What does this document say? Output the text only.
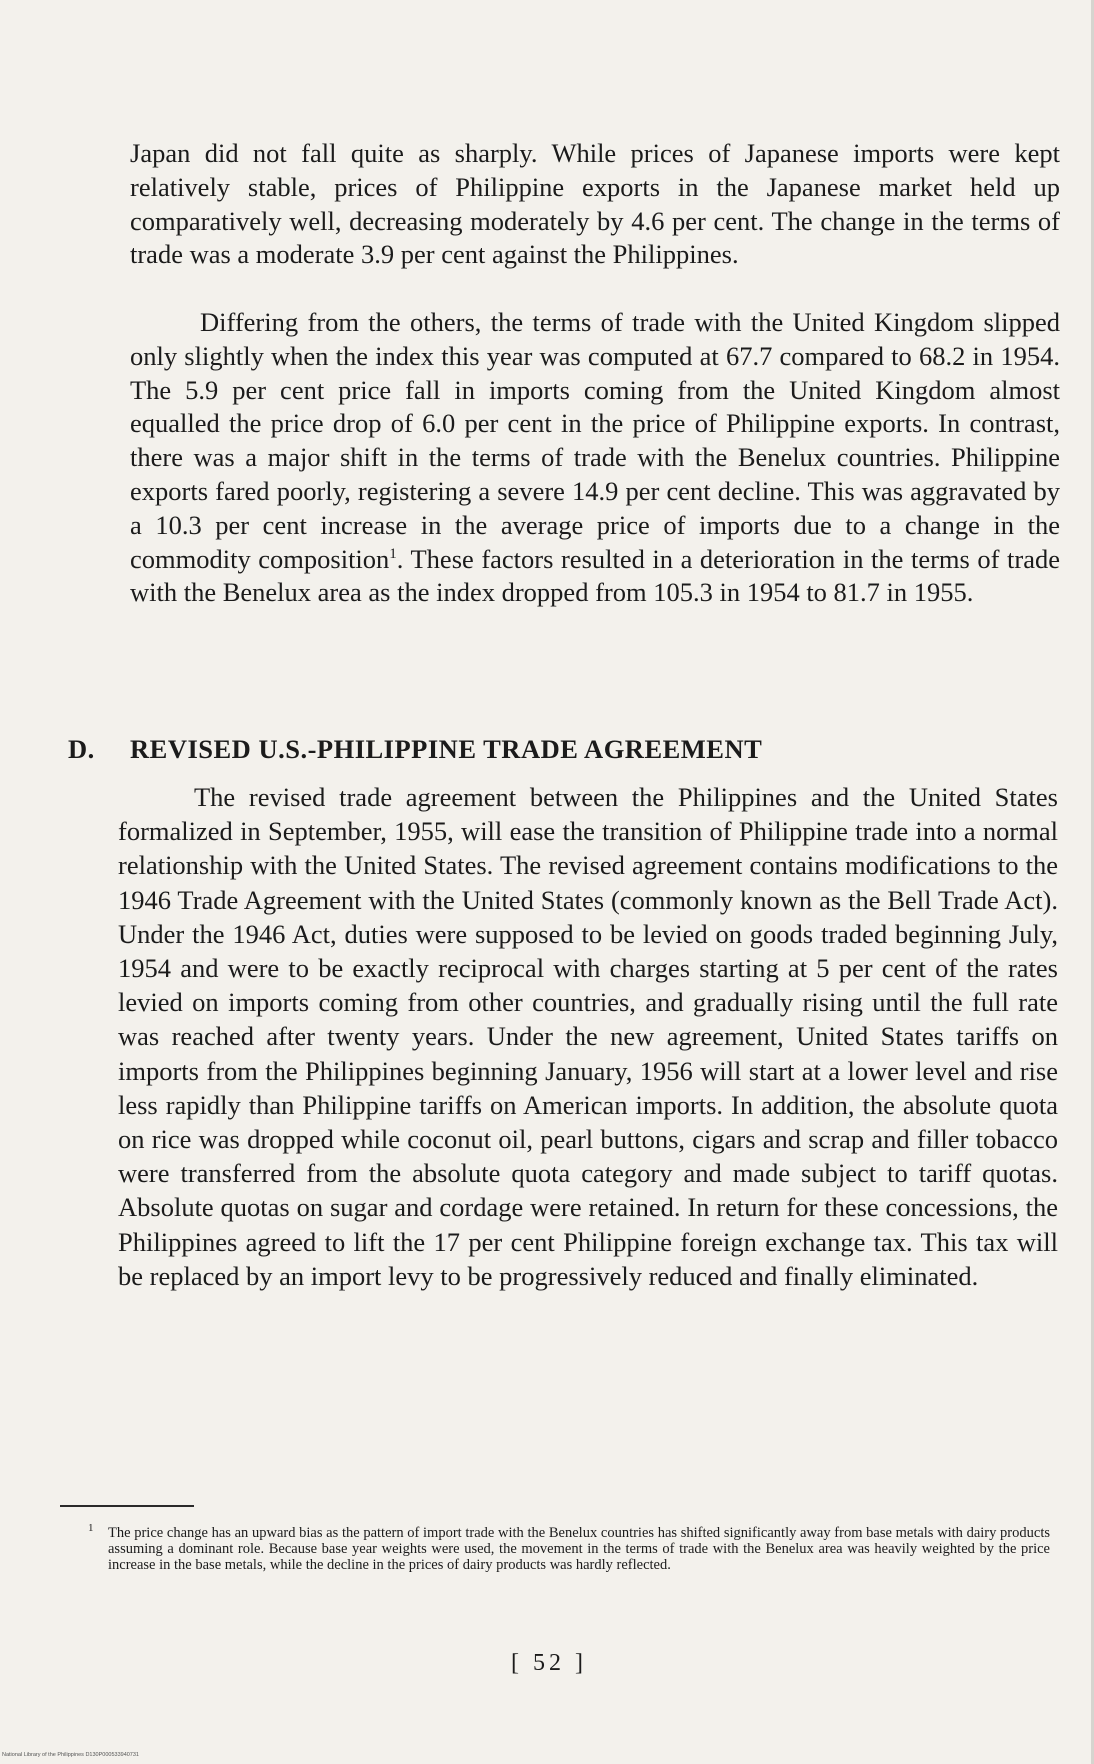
Japan did not fall quite as sharply. While prices of Japanese imports were kept relatively stable, prices of Philippine exports in the Japanese market held up comparatively well, decreasing moderately by 4.6 per cent. The change in the terms of trade was a moderate 3.9 per cent against the Philippines.

Differing from the others, the terms of trade with the United Kingdom slipped only slightly when the index this year was computed at 67.7 compared to 68.2 in 1954. The 5.9 per cent price fall in imports coming from the United Kingdom almost equalled the price drop of 6.0 per cent in the price of Philippine exports. In contrast, there was a major shift in the terms of trade with the Benelux countries. Philippine exports fared poorly, registering a severe 14.9 per cent decline. This was aggravated by a 10.3 per cent increase in the average price of imports due to a change in the commodity composition$^1$. These factors resulted in a deterioration in the terms of trade with the Benelux area as the index dropped from 105.3 in 1954 to 81.7 in 1955.

D. REVISED U.S.-PHILIPPINE TRADE AGREEMENT

The revised trade agreement between the Philippines and the United States formalized in September, 1955, will ease the transition of Philippine trade into a normal relationship with the United States. The revised agreement contains modifications to the 1946 Trade Agreement with the United States (commonly known as the Bell Trade Act). Under the 1946 Act, duties were supposed to be levied on goods traded beginning July, 1954 and were to be exactly reciprocal with charges starting at 5 per cent of the rates levied on imports coming from other countries, and gradually rising until the full rate was reached after twenty years. Under the new agreement, United States tariffs on imports from the Philippines beginning January, 1956 will start at a lower level and rise less rapidly than Philippine tariffs on American imports. In addition, the absolute quota on rice was dropped while coconut oil, pearl buttons, cigars and scrap and filler tobacco were transferred from the absolute quota category and made subject to tariff quotas. Absolute quotas on sugar and cordage were retained. In return for these concessions, the Philippines agreed to lift the 17 per cent Philippine foreign exchange tax. This tax will be replaced by an import levy to be progressively reduced and finally eliminated.

1 The price change has an upward bias as the pattern of import trade with the Benelux countries has shifted significantly away from base metals with dairy products assuming a dominant role. Because base year weights were used, the movement in the terms of trade with the Benelux area was heavily weighted by the price increase in the base metals, while the decline in the prices of dairy products was hardly reflected.

[ 52 ]
National Library of the Philippines D130P000533940731
